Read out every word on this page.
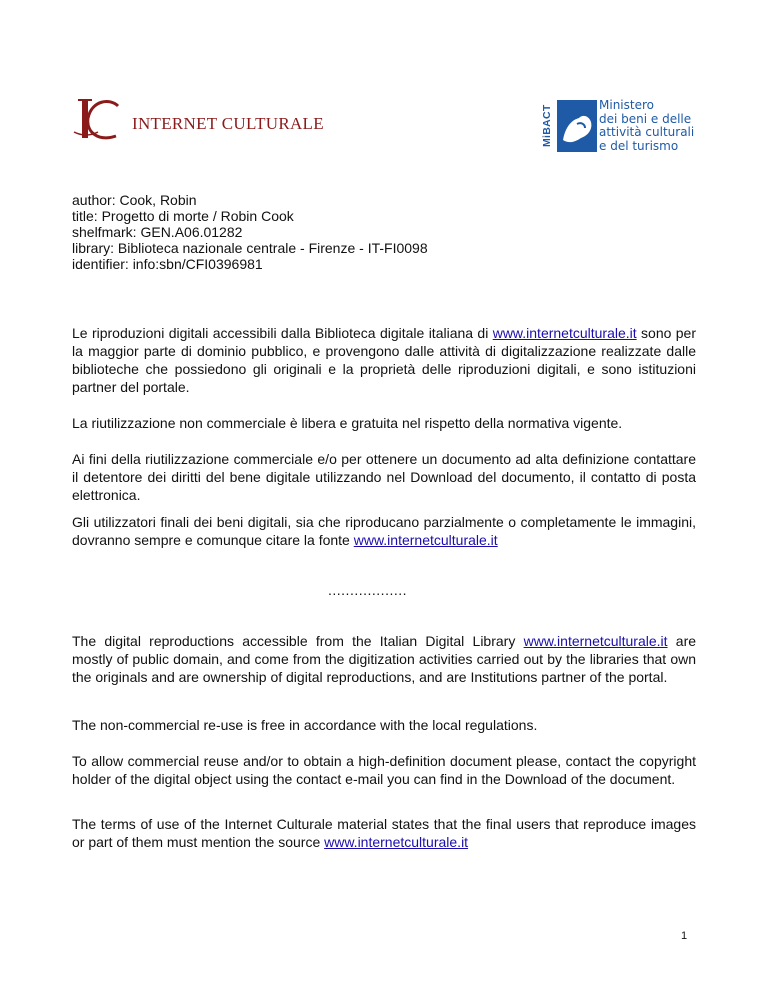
INTERNET CULTURALE	MiBACT	Ministero
dei beni e delle
attività culturali
e del turismo
author: Cook, Robin
title: Progetto di morte / Robin Cook
shelfmark: GEN.A06.01282
library: Biblioteca nazionale centrale - Firenze - IT-FI0098
identifier: info:sbn/CFI0396981

Le riproduzioni digitali accessibili dalla Biblioteca digitale italiana di www.internetculturale.it sono per la maggior parte di dominio pubblico, e provengono dalle attività di digitalizzazione realizzate dalle biblioteche che possiedono gli originali e la proprietà delle riproduzioni digitali, e sono istituzioni partner del portale.

La riutilizzazione non commerciale è libera e gratuita nel rispetto della normativa vigente.

Ai fini della riutilizzazione commerciale e/o per ottenere un documento ad alta definizione contattare il detentore dei diritti del bene digitale utilizzando nel Download del documento, il contatto di posta elettronica.

Gli utilizzatori finali dei beni digitali, sia che riproducano parzialmente o completamente le immagini, dovranno sempre e comunque citare la fonte www.internetculturale.it

..................

The digital reproductions accessible from the Italian Digital Library www.internetculturale.it are mostly of public domain, and come from the digitization activities carried out by the libraries that own the originals and are ownership of digital reproductions, and are Institutions partner of the portal.

The non-commercial re-use is free in accordance with the local regulations.

To allow commercial reuse and/or to obtain a high-definition document please, contact the copyright holder of the digital object using the contact e-mail you can find in the Download of the document.

The terms of use of the Internet Culturale material states that the final users that reproduce images or part of them must mention the source www.internetculturale.it

1
